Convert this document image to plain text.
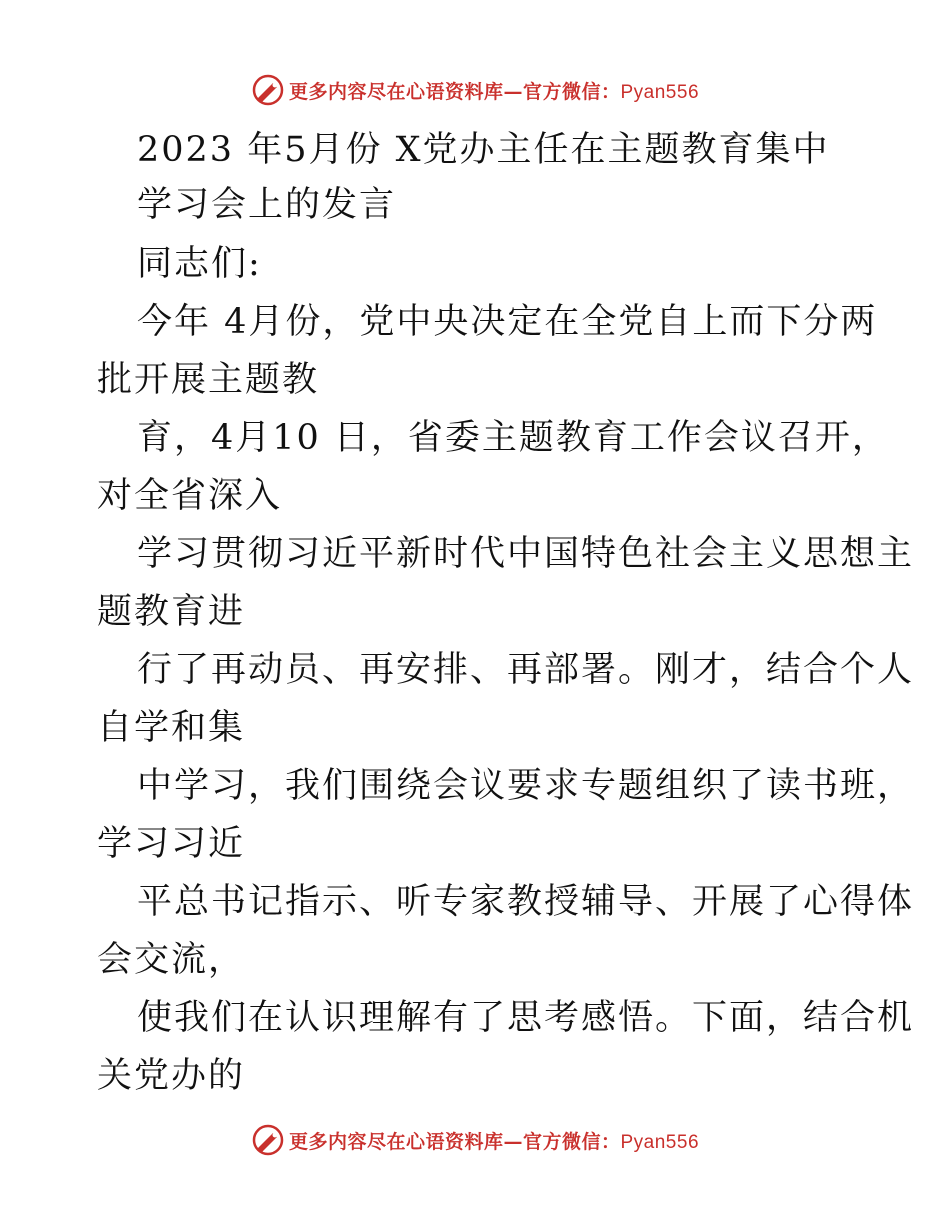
更多内容尽在心语资料库—官方微信：Pyan556
2023 年5月份 X党办主任在主题教育集中
学习会上的发言
同志们:
今年 4月份，党中央决定在全党自上而下分两
批开展主题教
育，4月10 日，省委主题教育工作会议召开，
对全省深入
学习贯彻习近平新时代中国特色社会主义思想主
题教育进
行了再动员、再安排、再部署。刚才，结合个人
自学和集
中学习，我们围绕会议要求专题组织了读书班，
学习习近
平总书记指示、听专家教授辅导、开展了心得体
会交流，
使我们在认识理解有了思考感悟。下面，结合机
关党办的
更多内容尽在心语资料库—官方微信：Pyan556
